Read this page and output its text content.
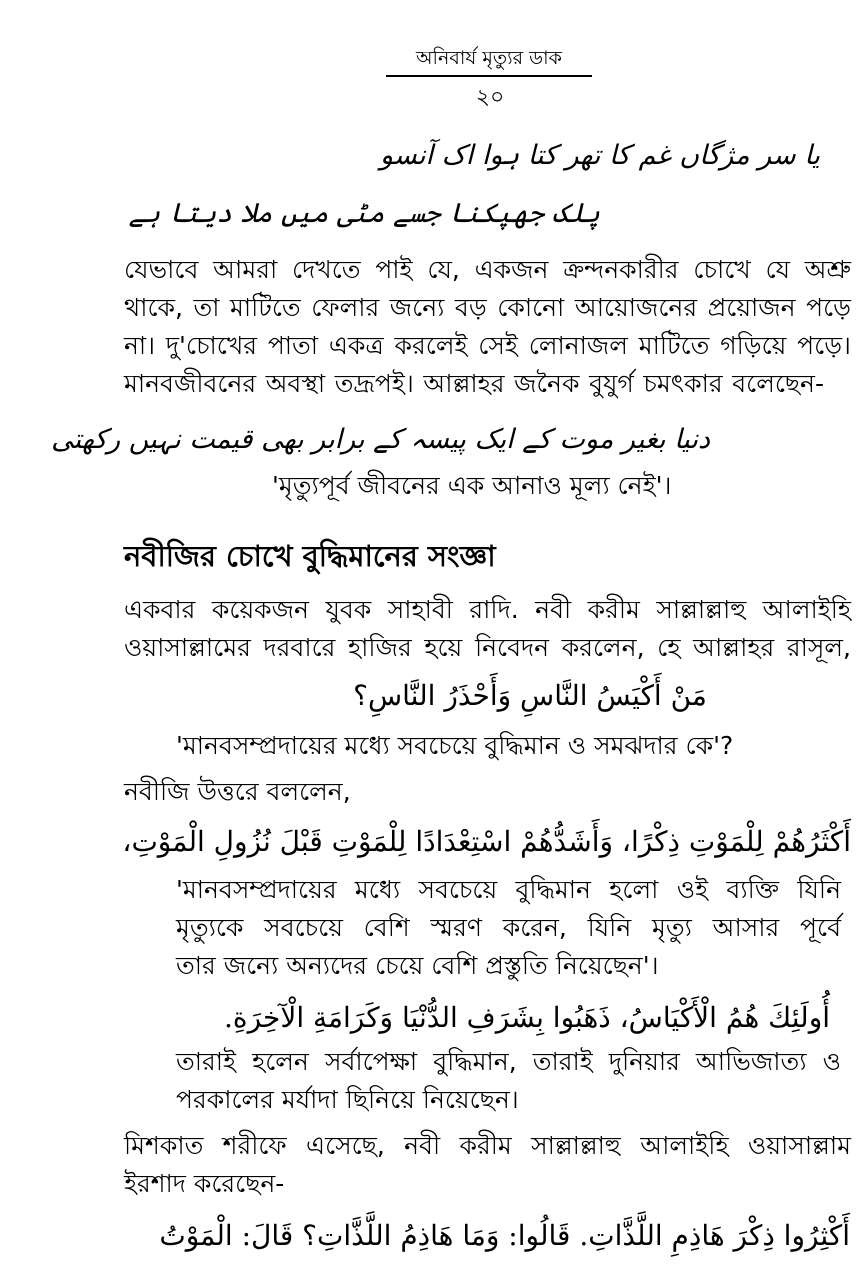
অনিবার্য মৃত্যুর ডাক
২০
یا سر مژگاں غم کا تھر کتا ہوا اک آنسو
پلک جھپکنا جسے مٹی میں ملا دیتا ہے
যেভাবে আমরা দেখতে পাই যে, একজন ক্রন্দনকারীর চোখে যে অশ্রু
থাকে, তা মাটিতে ফেলার জন্যে বড় কোনো আয়োজনের প্রয়োজন পড়ে
না। দু'চোখের পাতা একত্র করলেই সেই লোনাজল মাটিতে গড়িয়ে পড়ে।
মানবজীবনের অবস্থা তদ্রূপই। আল্লাহর জনৈক বুযুর্গ চমৎকার বলেছেন-
دنیا بغیر موت کے ایک پیسہ کے برابر بھی قیمت نہیں رکھتی
'মৃত্যুপূর্ব জীবনের এক আনাও মূল্য নেই'।
নবীজির চোখে বুদ্ধিমানের সংজ্ঞা
একবার কয়েকজন যুবক সাহাবী রাদি. নবী করীম সাল্লাল্লাহু আলাইহি
ওয়াসাল্লামের দরবারে হাজির হয়ে নিবেদন করলেন, হে আল্লাহর রাসূল,
مَنْ أَكْيَسُ النَّاسِ وَأَحْذَرُ النَّاسِ؟
'মানবসম্প্রদায়ের মধ্যে সবচেয়ে বুদ্ধিমান ও সমঝদার কে'?
নবীজি উত্তরে বললেন,
أَكْثَرُهُمْ لِلْمَوْتِ ذِكْرًا، وَأَشَدُّهُمْ اسْتِعْدَادًا لِلْمَوْتِ قَبْلَ نُزُولِ الْمَوْتِ،
'মানবসম্প্রদায়ের মধ্যে সবচেয়ে বুদ্ধিমান হলো ওই ব্যক্তি যিনি
মৃত্যুকে সবচেয়ে বেশি স্মরণ করেন, যিনি মৃত্যু আসার পূর্বে
তার জন্যে অন্যদের চেয়ে বেশি প্রস্তুতি নিয়েছেন'।
أُولَئِكَ هُمُ الْأَكْيَاسُ، ذَهَبُوا بِشَرَفِ الدُّنْيَا وَكَرَامَةِ الْآخِرَةِ.
তারাই হলেন সর্বাপেক্ষা বুদ্ধিমান, তারাই দুনিয়ার আভিজাত্য ও
পরকালের মর্যাদা ছিনিয়ে নিয়েছেন।
মিশকাত শরীফে এসেছে, নবী করীম সাল্লাল্লাহু আলাইহি ওয়াসাল্লাম
ইরশাদ করেছেন-
أَكْثِرُوا ذِكْرَ هَاذِمِ اللَّذَّاتِ. قَالُوا: وَمَا هَاذِمُ اللَّذَّاتِ؟ قَالَ: الْمَوْتُ
